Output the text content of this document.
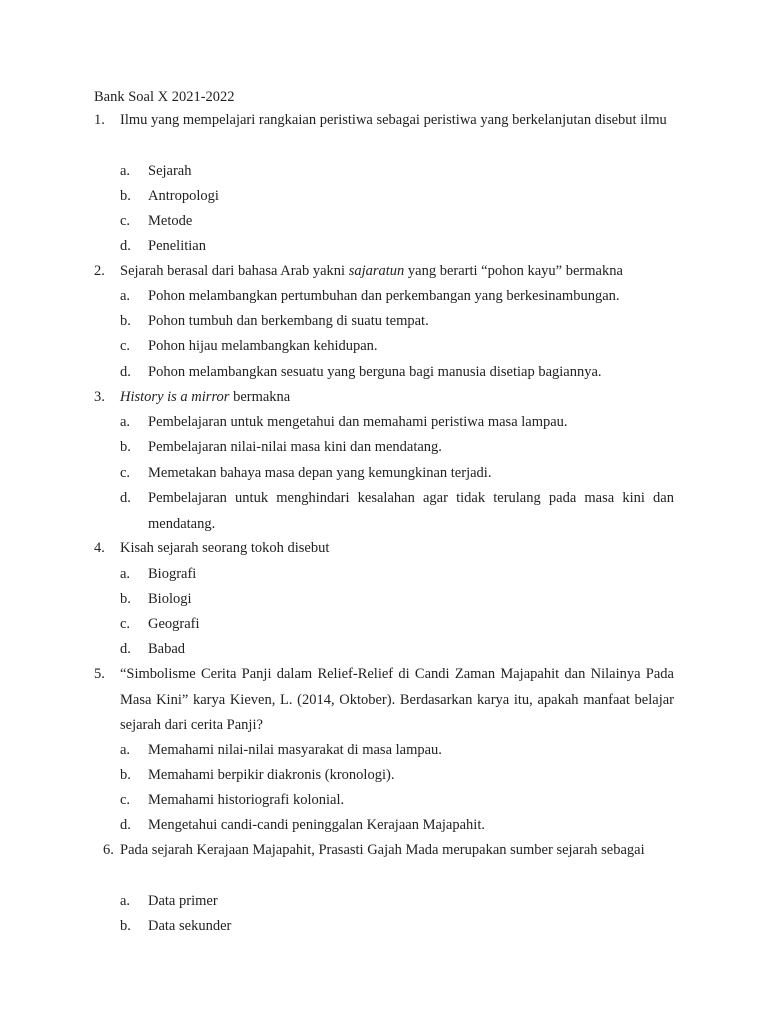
Bank Soal X 2021-2022
1. Ilmu yang mempelajari rangkaian peristiwa sebagai peristiwa yang berkelanjutan disebut ilmu
a. Sejarah
b. Antropologi
c. Metode
d. Penelitian
2. Sejarah berasal dari bahasa Arab yakni sajaratun yang berarti “pohon kayu” bermakna
a. Pohon melambangkan pertumbuhan dan perkembangan yang berkesinambungan.
b. Pohon tumbuh dan berkembang di suatu tempat.
c. Pohon hijau melambangkan kehidupan.
d. Pohon melambangkan sesuatu yang berguna bagi manusia disetiap bagiannya.
3. History is a mirror bermakna
a. Pembelajaran untuk mengetahui dan memahami peristiwa masa lampau.
b. Pembelajaran nilai-nilai masa kini dan mendatang.
c. Memetakan bahaya masa depan yang kemungkinan terjadi.
d. Pembelajaran untuk menghindari kesalahan agar tidak terulang pada masa kini dan mendatang.
4. Kisah sejarah seorang tokoh disebut
a. Biografi
b. Biologi
c. Geografi
d. Babad
5. “Simbolisme Cerita Panji dalam Relief-Relief di Candi Zaman Majapahit dan Nilainya Pada Masa Kini” karya Kieven, L. (2014, Oktober). Berdasarkan karya itu, apakah manfaat belajar sejarah dari cerita Panji?
a. Memahami nilai-nilai masyarakat di masa lampau.
b. Memahami berpikir diakronis (kronologi).
c. Memahami historiografi kolonial.
d. Mengetahui candi-candi peninggalan Kerajaan Majapahit.
6. Pada sejarah Kerajaan Majapahit, Prasasti Gajah Mada merupakan sumber sejarah sebagai
a. Data primer
b. Data sekunder
